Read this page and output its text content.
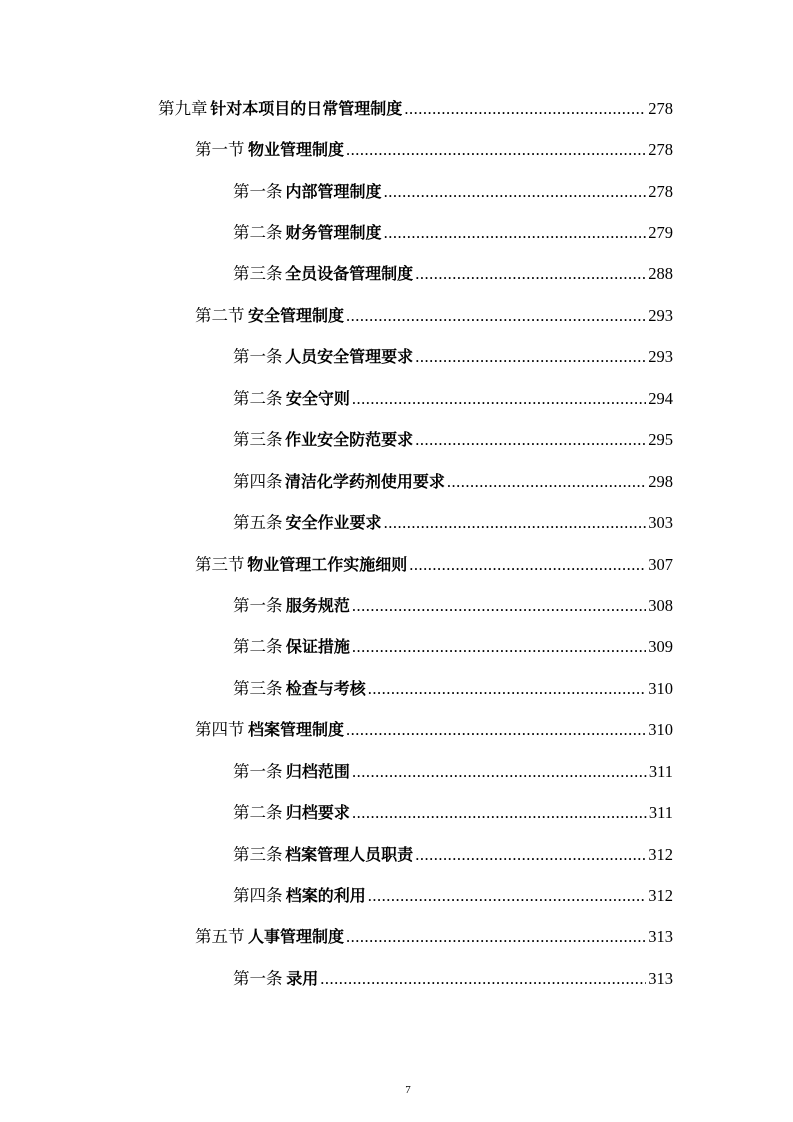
第九章 针对本项目的日常管理制度 .....	278
第一节 物业管理制度 .....	278
第一条 内部管理制度 .....	278
第二条 财务管理制度 .....	279
第三条 全员设备管理制度 .....	288
第二节 安全管理制度 .....	293
第一条 人员安全管理要求 .....	293
第二条 安全守则 .....	294
第三条 作业安全防范要求 .....	295
第四条 清洁化学药剂使用要求 .....	298
第五条 安全作业要求 .....	303
第三节 物业管理工作实施细则 .....	307
第一条 服务规范 .....	308
第二条 保证措施 .....	309
第三条 检查与考核 .....	310
第四节 档案管理制度 .....	310
第一条 归档范围 .....	311
第二条 归档要求 .....	311
第三条 档案管理人员职责 .....	312
第四条 档案的利用 .....	312
第五节 人事管理制度 .....	313
第一条 录用 .....	313
7
